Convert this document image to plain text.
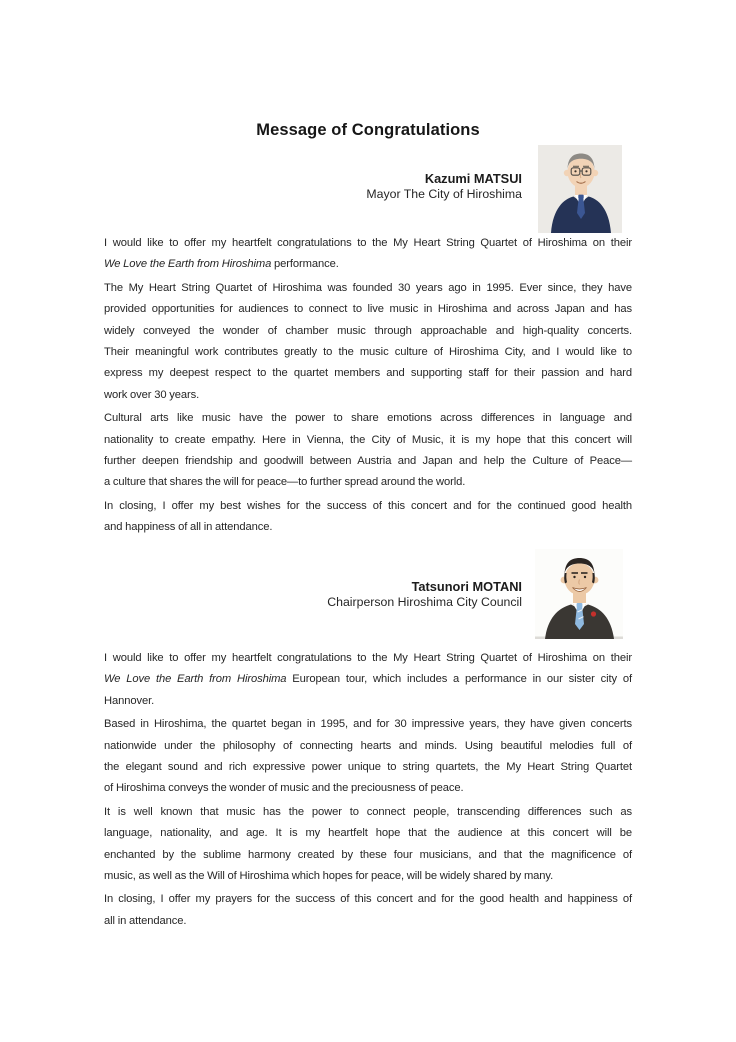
Message of Congratulations
Kazumi MATSUI
Mayor The City of Hiroshima
I would like to offer my heartfelt congratulations to the My Heart String Quartet of Hiroshima on their
We Love the Earth from Hiroshima performance.
The My Heart String Quartet of Hiroshima was founded 30 years ago in 1995. Ever since, they have
provided opportunities for audiences to connect to live music in Hiroshima and across Japan and has
widely conveyed the wonder of chamber music through approachable and high-quality concerts.
Their meaningful work contributes greatly to the music culture of Hiroshima City, and I would like to
express my deepest respect to the quartet members and supporting staff for their passion and hard
work over 30 years.
Cultural arts like music have the power to share emotions across differences in language and
nationality to create empathy. Here in Vienna, the City of Music, it is my hope that this concert will
further deepen friendship and goodwill between Austria and Japan and help the Culture of Peace—
a culture that shares the will for peace—to further spread around the world.
In closing, I offer my best wishes for the success of this concert and for the continued good health
and happiness of all in attendance.
Tatsunori MOTANI
Chairperson Hiroshima City Council
I would like to offer my heartfelt congratulations to the My Heart String Quartet of Hiroshima on their
We Love the Earth from Hiroshima European tour, which includes a performance in our sister city of
Hannover.
Based in Hiroshima, the quartet began in 1995, and for 30 impressive years, they have given concerts
nationwide under the philosophy of connecting hearts and minds. Using beautiful melodies full of
the elegant sound and rich expressive power unique to string quartets, the My Heart String Quartet
of Hiroshima conveys the wonder of music and the preciousness of peace.
It is well known that music has the power to connect people, transcending differences such as
language, nationality, and age. It is my heartfelt hope that the audience at this concert will be
enchanted by the sublime harmony created by these four musicians, and that the magnificence of
music, as well as the Will of Hiroshima which hopes for peace, will be widely shared by many.
In closing, I offer my prayers for the success of this concert and for the good health and happiness of
all in attendance.
